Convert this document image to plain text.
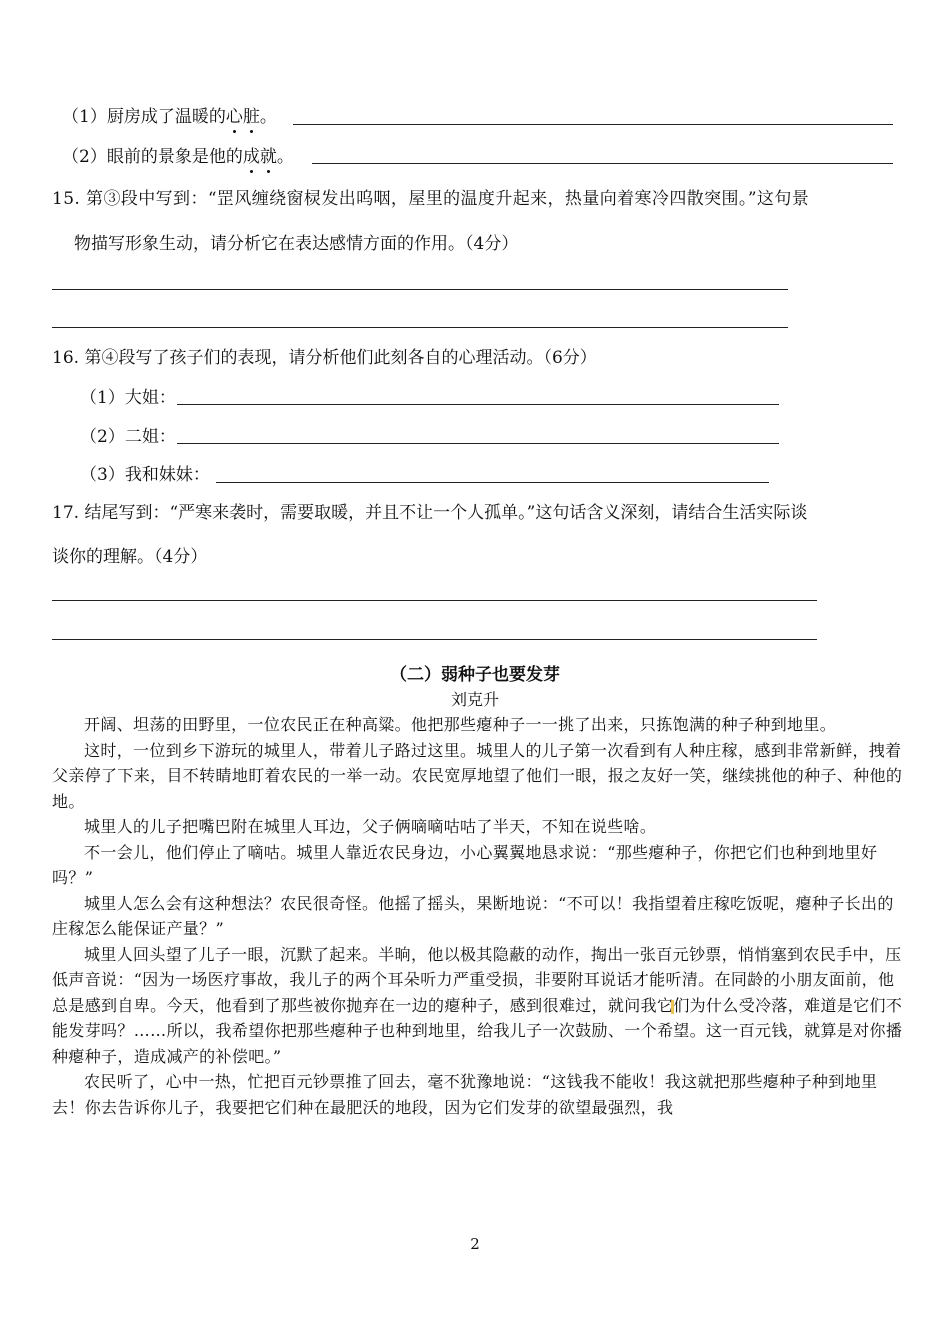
（1）厨房成了温暖的心脏。
（2）眼前的景象是他的成就。
15. 第③段中写到：“罡风缠绕窗棂发出呜咽，屋里的温度升起来，热量向着寒冷四散突围。”这句景
物描写形象生动，请分析它在表达感情方面的作用。（4分）
16. 第④段写了孩子们的表现，请分析他们此刻各自的心理活动。（6分）
（1）大姐：
（2）二姐：
（3）我和妹妹：
17. 结尾写到：“严寒来袭时，需要取暖，并且不让一个人孤单。”这句话含义深刻，请结合生活实际谈
谈你的理解。（4分）
（二）弱种子也要发芽
刘克升
开阔、坦荡的田野里，一位农民正在种高粱。他把那些瘪种子一一挑了出来，只拣饱满的种子种到地里。
这时，一位到乡下游玩的城里人，带着儿子路过这里。城里人的儿子第一次看到有人种庄稼，感到非常新鲜，拽着父亲停了下来，目不转睛地盯着农民的一举一动。农民宽厚地望了他们一眼，报之友好一笑，继续挑他的种子、种他的地。
城里人的儿子把嘴巴附在城里人耳边，父子俩嘀嘀咕咕了半天，不知在说些啥。
不一会儿，他们停止了嘀咕。城里人靠近农民身边，小心翼翼地恳求说：“那些瘪种子，你把它们也种到地里好吗？”
城里人怎么会有这种想法？农民很奇怪。他摇了摇头，果断地说：“不可以！我指望着庄稼吃饭呢，瘪种子长出的庄稼怎么能保证产量？”
城里人回头望了儿子一眼，沉默了起来。半晌，他以极其隐蔽的动作，掏出一张百元钞票，悄悄塞到农民手中，压低声音说：“因为一场医疗事故，我儿子的两个耳朵听力严重受损，非要附耳说话才能听清。在同龄的小朋友面前，他总是感到自卑。今天，他看到了那些被你抛弃在一边的瘪种子，感到很难过，就问我它们为什么受冷落，难道是它们不能发芽吗？……所以，我希望你把那些瘪种子也种到地里，给我儿子一次鼓励、一个希望。这一百元钱，就算是对你播种瘪种子，造成减产的补偿吧。”
农民听了，心中一热，忙把百元钞票推了回去，毫不犹豫地说：“这钱我不能收！我这就把那些瘪种子种到地里去！你去告诉你儿子，我要把它们种在最肥沃的地段，因为它们发芽的欲望最强烈，我
2
